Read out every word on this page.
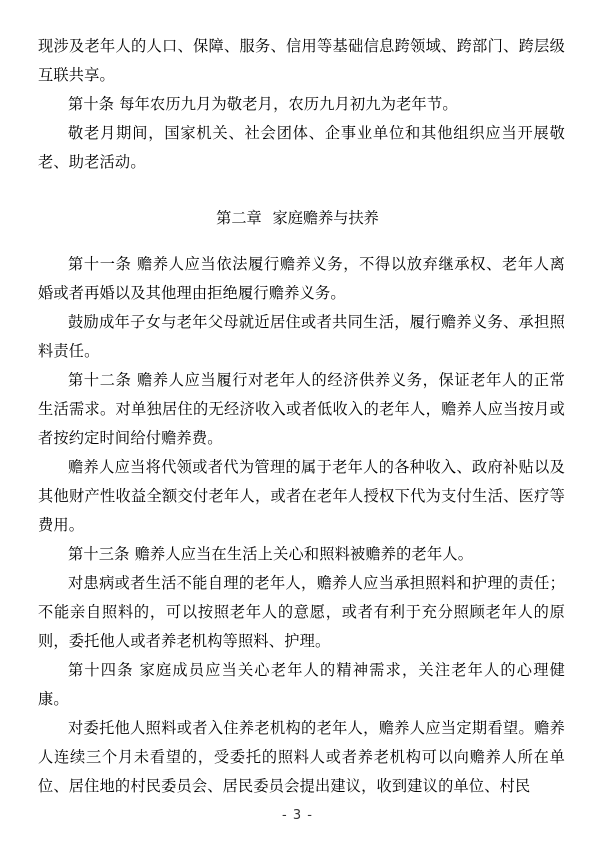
现涉及老年人的人口、保障、服务、信用等基础信息跨领域、跨部门、跨层级互联共享。

第十条 每年农历九月为敬老月，农历九月初九为老年节。

敬老月期间，国家机关、社会团体、企事业单位和其他组织应当开展敬老、助老活动。

第二章 家庭赡养与扶养

第十一条 赡养人应当依法履行赡养义务，不得以放弃继承权、老年人离婚或者再婚以及其他理由拒绝履行赡养义务。

鼓励成年子女与老年父母就近居住或者共同生活，履行赡养义务、承担照料责任。

第十二条 赡养人应当履行对老年人的经济供养义务，保证老年人的正常生活需求。对单独居住的无经济收入或者低收入的老年人，赡养人应当按月或者按约定时间给付赡养费。

赡养人应当将代领或者代为管理的属于老年人的各种收入、政府补贴以及其他财产性收益全额交付老年人，或者在老年人授权下代为支付生活、医疗等费用。

第十三条 赡养人应当在生活上关心和照料被赡养的老年人。

对患病或者生活不能自理的老年人，赡养人应当承担照料和护理的责任；不能亲自照料的，可以按照老年人的意愿，或者有利于充分照顾老年人的原则，委托他人或者养老机构等照料、护理。

第十四条 家庭成员应当关心老年人的精神需求，关注老年人的心理健康。

对委托他人照料或者入住养老机构的老年人，赡养人应当定期看望。赡养人连续三个月未看望的，受委托的照料人或者养老机构可以向赡养人所在单位、居住地的村民委员会、居民委员会提出建议，收到建议的单位、村民

- 3 -
